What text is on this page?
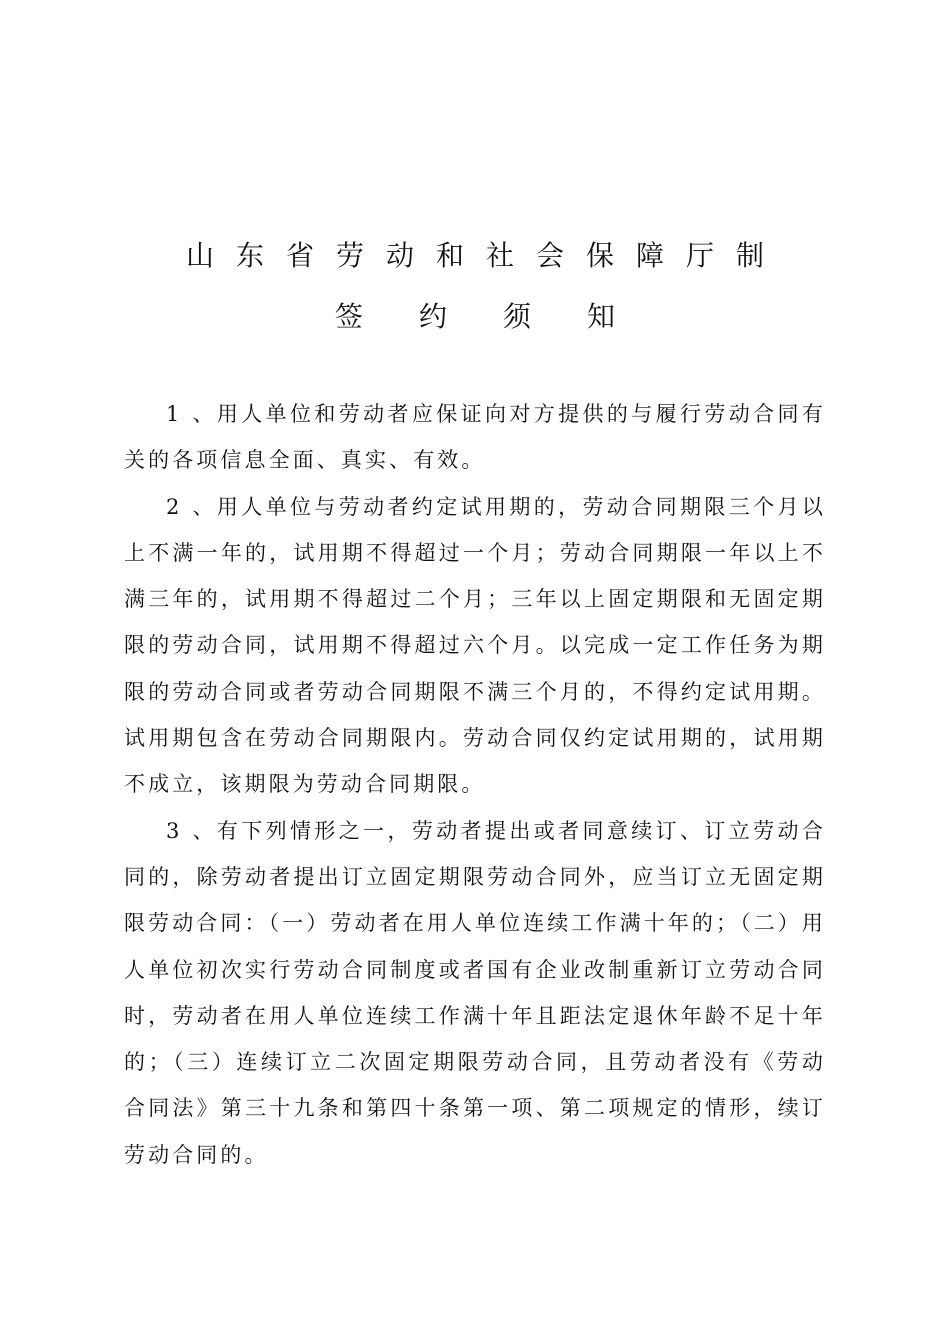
山东省劳动和社会保障厅制
签约须知

1 、用人单位和劳动者应保证向对方提供的与履行劳动合同有关的各项信息全面、真实、有效。

2 、用人单位与劳动者约定试用期的，劳动合同期限三个月以上不满一年的，试用期不得超过一个月；劳动合同期限一年以上不满三年的，试用期不得超过二个月；三年以上固定期限和无固定期限的劳动合同，试用期不得超过六个月。以完成一定工作任务为期限的劳动合同或者劳动合同期限不满三个月的，不得约定试用期。试用期包含在劳动合同期限内。劳动合同仅约定试用期的，试用期不成立，该期限为劳动合同期限。

3 、有下列情形之一，劳动者提出或者同意续订、订立劳动合同的，除劳动者提出订立固定期限劳动合同外，应当订立无固定期限劳动合同：（一）劳动者在用人单位连续工作满十年的；（二）用人单位初次实行劳动合同制度或者国有企业改制重新订立劳动合同时，劳动者在用人单位连续工作满十年且距法定退休年龄不足十年的；（三）连续订立二次固定期限劳动合同，且劳动者没有《劳动合同法》第三十九条和第四十条第一项、第二项规定的情形，续订劳动合同的。
